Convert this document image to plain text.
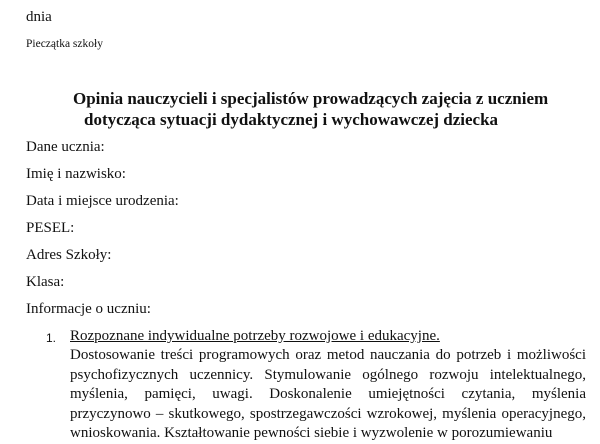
dnia
Pieczątka szkoły
Opinia nauczycieli i specjalistów prowadzących zajęcia z uczniem
dotycząca sytuacji dydaktycznej i wychowawczej dziecka
Dane ucznia:
Imię i nazwisko:
Data i miejsce urodzenia:
PESEL:
Adres Szkoły:
Klasa:
Informacje o uczniu:
1. Rozpoznane indywidualne potrzeby rozwojowe i edukacyjne.
Dostosowanie treści programowych oraz metod nauczania do potrzeb i możliwości psychofizycznych uczennicy. Stymulowanie ogólnego rozwoju intelektualnego, myślenia, pamięci, uwagi. Doskonalenie umiejętności czytania, myślenia przyczynowo – skutkowego, spostrzegawczości wzrokowej, myślenia operacyjnego, wnioskowania. Kształtowanie pewności siebie i wyzwolenie w porozumiewaniu
